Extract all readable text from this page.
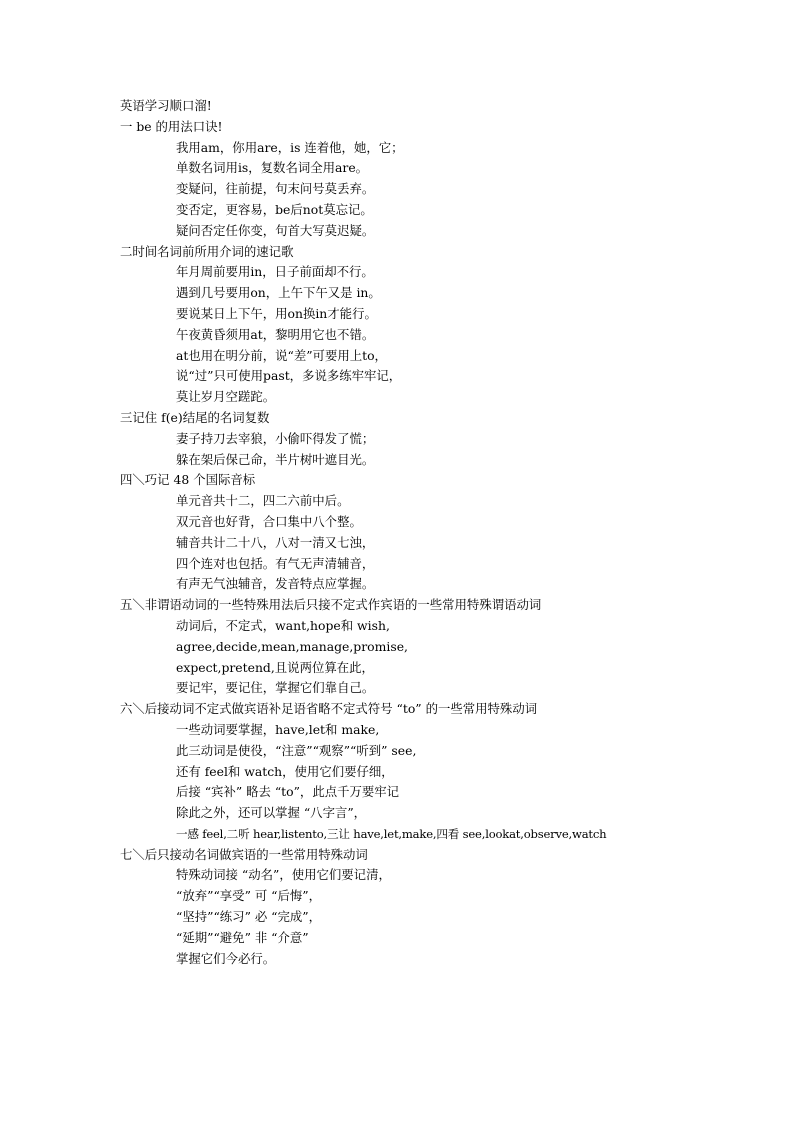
英语学习顺口溜!
一 be 的用法口诀!
我用am，你用are，is 连着他，她，它；
单数名词用is，复数名词全用are。
变疑问，往前提，句末问号莫丢弃。
变否定，更容易，be后not莫忘记。
疑问否定任你变，句首大写莫迟疑。
二时间名词前所用介词的速记歌
年月周前要用in，日子前面却不行。
遇到几号要用on，上午下午又是 in。
要说某日上下午，用on换in才能行。
午夜黄昏须用at，黎明用它也不错。
at也用在明分前，说“差”可要用上to，
说“过”只可使用past，多说多练牢牢记，
莫让岁月空蹉跎。
三记住 f(e)结尾的名词复数
妻子持刀去宰狼，小偷吓得发了慌；
躲在架后保己命，半片树叶遮目光。
四＼巧记 48 个国际音标
单元音共十二，四二六前中后。
双元音也好背，合口集中八个整。
辅音共计二十八，八对一清又七浊，
四个连对也包括。有气无声清辅音，
有声无气浊辅音，发音特点应掌握。
五＼非谓语动词的一些特殊用法后只接不定式作宾语的一些常用特殊谓语动词
动词后，不定式，want,hope和 wish,
agree,decide,mean,manage,promise,
expect,pretend,且说两位算在此，
要记牢，要记住，掌握它们靠自己。
六＼后接动词不定式做宾语补足语省略不定式符号 “to” 的一些常用特殊动词
一些动词要掌握，have,let和 make,
此三动词是使役，“注意”“观察”“听到” see,
还有 feel和 watch，使用它们要仔细，
后接 “宾补” 略去 “to”，此点千万要牢记
除此之外，还可以掌握 “八字言”，
一感 feel,二听 hear,listento,三让 have,let,make,四看 see,lookat,observe,watch
七＼后只接动名词做宾语的一些常用特殊动词
特殊动词接 “动名”，使用它们要记清，
“放弃”“享受” 可 “后悔”，
“坚持”“练习” 必 “完成”，
“延期”“避免” 非 “介意”
掌握它们今必行。
